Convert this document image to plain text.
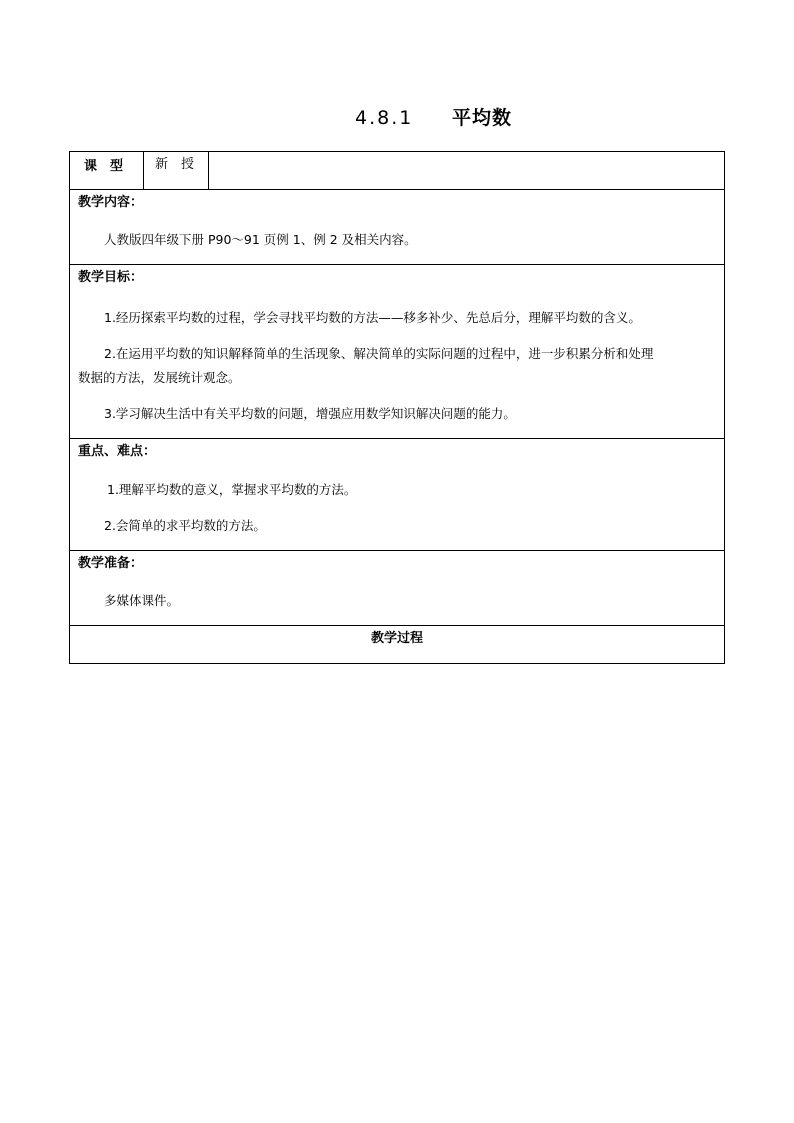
4.8.1 平均数
课　型 新　授
教学内容：
人教版四年级下册 P90～91 页例 1、例 2 及相关内容。
教学目标：
1.经历探索平均数的过程，学会寻找平均数的方法——移多补少、先总后分，理解平均数的含义。
2.在运用平均数的知识解释简单的生活现象、解决简单的实际问题的过程中，进一步积累分析和处理
数据的方法，发展统计观念。
3.学习解决生活中有关平均数的问题，增强应用数学知识解决问题的能力。
重点、难点：
1.理解平均数的意义，掌握求平均数的方法。
2.会简单的求平均数的方法。
教学准备：
多媒体课件。
教学过程
